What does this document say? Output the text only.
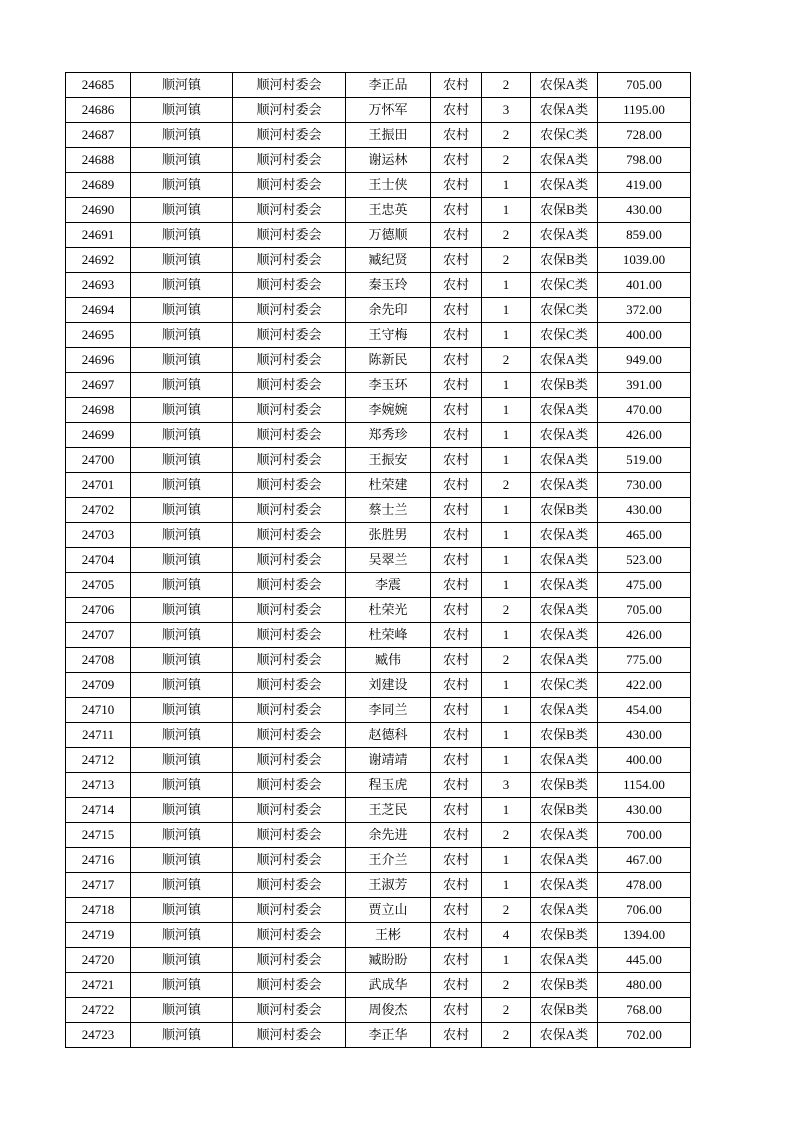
24685	顺河镇	顺河村委会	李正品	农村	2	农保A类	705.00
24686	顺河镇	顺河村委会	万怀军	农村	3	农保A类	1195.00
24687	顺河镇	顺河村委会	王振田	农村	2	农保C类	728.00
24688	顺河镇	顺河村委会	谢运林	农村	2	农保A类	798.00
24689	顺河镇	顺河村委会	王士侠	农村	1	农保A类	419.00
24690	顺河镇	顺河村委会	王忠英	农村	1	农保B类	430.00
24691	顺河镇	顺河村委会	万德顺	农村	2	农保A类	859.00
24692	顺河镇	顺河村委会	臧纪贤	农村	2	农保B类	1039.00
24693	顺河镇	顺河村委会	秦玉玲	农村	1	农保C类	401.00
24694	顺河镇	顺河村委会	余先印	农村	1	农保C类	372.00
24695	顺河镇	顺河村委会	王守梅	农村	1	农保C类	400.00
24696	顺河镇	顺河村委会	陈新民	农村	2	农保A类	949.00
24697	顺河镇	顺河村委会	李玉环	农村	1	农保B类	391.00
24698	顺河镇	顺河村委会	李婉婉	农村	1	农保A类	470.00
24699	顺河镇	顺河村委会	郑秀珍	农村	1	农保A类	426.00
24700	顺河镇	顺河村委会	王振安	农村	1	农保A类	519.00
24701	顺河镇	顺河村委会	杜荣建	农村	2	农保A类	730.00
24702	顺河镇	顺河村委会	蔡士兰	农村	1	农保B类	430.00
24703	顺河镇	顺河村委会	张胜男	农村	1	农保A类	465.00
24704	顺河镇	顺河村委会	吴翠兰	农村	1	农保A类	523.00
24705	顺河镇	顺河村委会	李震	农村	1	农保A类	475.00
24706	顺河镇	顺河村委会	杜荣光	农村	2	农保A类	705.00
24707	顺河镇	顺河村委会	杜荣峰	农村	1	农保A类	426.00
24708	顺河镇	顺河村委会	臧伟	农村	2	农保A类	775.00
24709	顺河镇	顺河村委会	刘建设	农村	1	农保C类	422.00
24710	顺河镇	顺河村委会	李同兰	农村	1	农保A类	454.00
24711	顺河镇	顺河村委会	赵德科	农村	1	农保B类	430.00
24712	顺河镇	顺河村委会	谢靖靖	农村	1	农保A类	400.00
24713	顺河镇	顺河村委会	程玉虎	农村	3	农保B类	1154.00
24714	顺河镇	顺河村委会	王芝民	农村	1	农保B类	430.00
24715	顺河镇	顺河村委会	余先进	农村	2	农保A类	700.00
24716	顺河镇	顺河村委会	王介兰	农村	1	农保A类	467.00
24717	顺河镇	顺河村委会	王淑芳	农村	1	农保A类	478.00
24718	顺河镇	顺河村委会	贾立山	农村	2	农保A类	706.00
24719	顺河镇	顺河村委会	王彬	农村	4	农保B类	1394.00
24720	顺河镇	顺河村委会	臧盼盼	农村	1	农保A类	445.00
24721	顺河镇	顺河村委会	武成华	农村	2	农保B类	480.00
24722	顺河镇	顺河村委会	周俊杰	农村	2	农保B类	768.00
24723	顺河镇	顺河村委会	李正华	农村	2	农保A类	702.00
